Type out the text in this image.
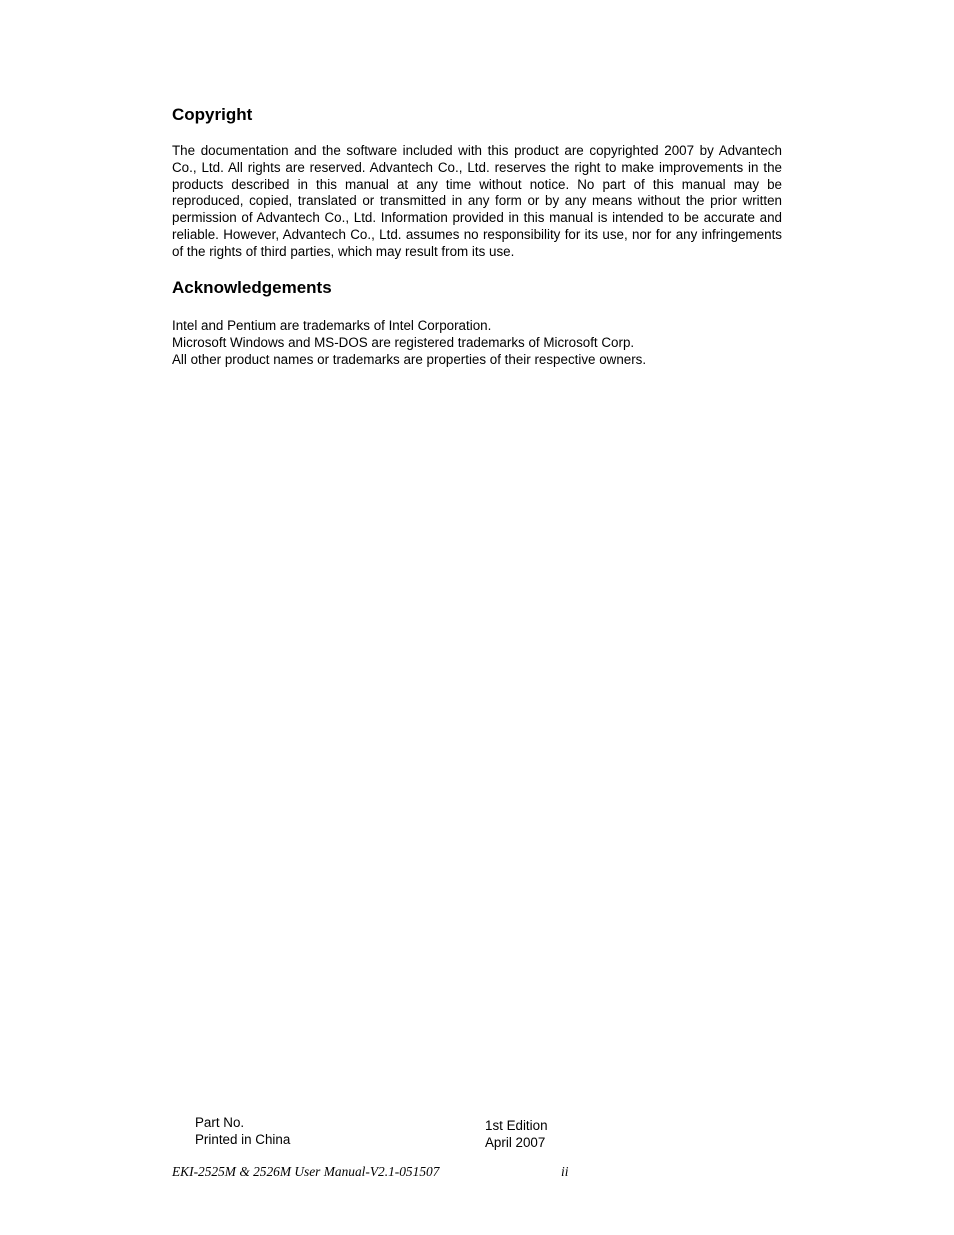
Copyright

The documentation and the software included with this product are copyrighted 2007 by Advantech Co., Ltd. All rights are reserved. Advantech Co., Ltd. reserves the right to make improvements in the products described in this manual at any time without notice. No part of this manual may be reproduced, copied, translated or transmitted in any form or by any means without the prior written permission of Advantech Co., Ltd. Information provided in this manual is intended to be accurate and reliable. However, Advantech Co., Ltd. assumes no responsibility for its use, nor for any infringements of the rights of third parties, which may result from its use.

Acknowledgements
Intel and Pentium are trademarks of Intel Corporation.
Microsoft Windows and MS-DOS are registered trademarks of Microsoft Corp.
All other product names or trademarks are properties of their respective owners.
Part No.
Printed in China
1st Edition
April 2007
EKI-2525M & 2526M User Manual-V2.1-051507	ii
